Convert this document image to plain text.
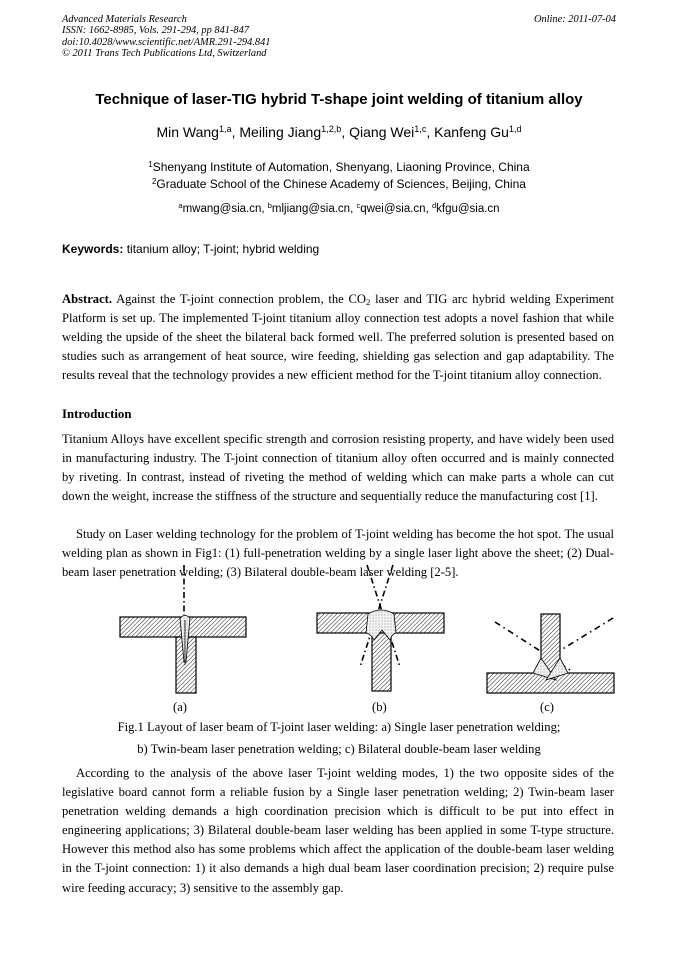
Advanced Materials Research
ISSN: 1662-8985, Vols. 291-294, pp 841-847
doi:10.4028/www.scientific.net/AMR.291-294.841
© 2011 Trans Tech Publications Ltd, Switzerland
Online: 2011-07-04
Technique of laser-TIG hybrid T-shape joint welding of titanium alloy
Min Wang$^{1,a}$, Meiling Jiang$^{1,2,b}$, Qiang Wei$^{1,c}$, Kanfeng Gu$^{1,d}$
$^1$Shenyang Institute of Automation, Shenyang, Liaoning Province, China
$^2$Graduate School of the Chinese Academy of Sciences, Beijing, China
$^a$mwang@sia.cn, $^b$mljiang@sia.cn, $^c$qwei@sia.cn, $^d$kfgu@sia.cn
Keywords: titanium alloy; T-joint; hybrid welding
Abstract. Against the T-joint connection problem, the $CO_2$ laser and TIG arc hybrid welding Experiment Platform is set up. The implemented T-joint titanium alloy connection test adopts a novel fashion that while welding the upside of the sheet the bilateral back formed well. The preferred solution is presented based on studies such as arrangement of heat source, wire feeding, shielding gas selection and gap adaptability. The results reveal that the technology provides a new efficient method for the T-joint titanium alloy connection.
Introduction
Titanium Alloys have excellent specific strength and corrosion resisting property, and have widely been used in manufacturing industry. The T-joint connection of titanium alloy often occurred and is mainly connected by riveting. In contrast, instead of riveting the method of welding which can make parts a whole can cut down the weight, increase the stiffness of the structure and sequentially reduce the manufacturing cost [1].
Study on Laser welding technology for the problem of T-joint welding has become the hot spot. The usual welding plan as shown in Fig1: (1) full-penetration welding by a single laser light above the sheet; (2) Dual-beam laser penetration welding; (3) Bilateral double-beam laser welding [2-5].
(a)	(b)	(c)
Fig.1 Layout of laser beam of T-joint laser welding: a) Single laser penetration welding;
b) Twin-beam laser penetration welding; c) Bilateral double-beam laser welding
According to the analysis of the above laser T-joint welding modes, 1) the two opposite sides of the legislative board cannot form a reliable fusion by a Single laser penetration welding; 2) Twin-beam laser penetration welding demands a high coordination precision which is difficult to be put into effect in engineering applications; 3) Bilateral double-beam laser welding has been applied in some T-type structure. However this method also has some problems which affect the application of the double-beam laser welding in the T-joint connection: 1) it also demands a high dual beam laser coordination precision; 2) require pulse wire feeding accuracy; 3) sensitive to the assembly gap.
